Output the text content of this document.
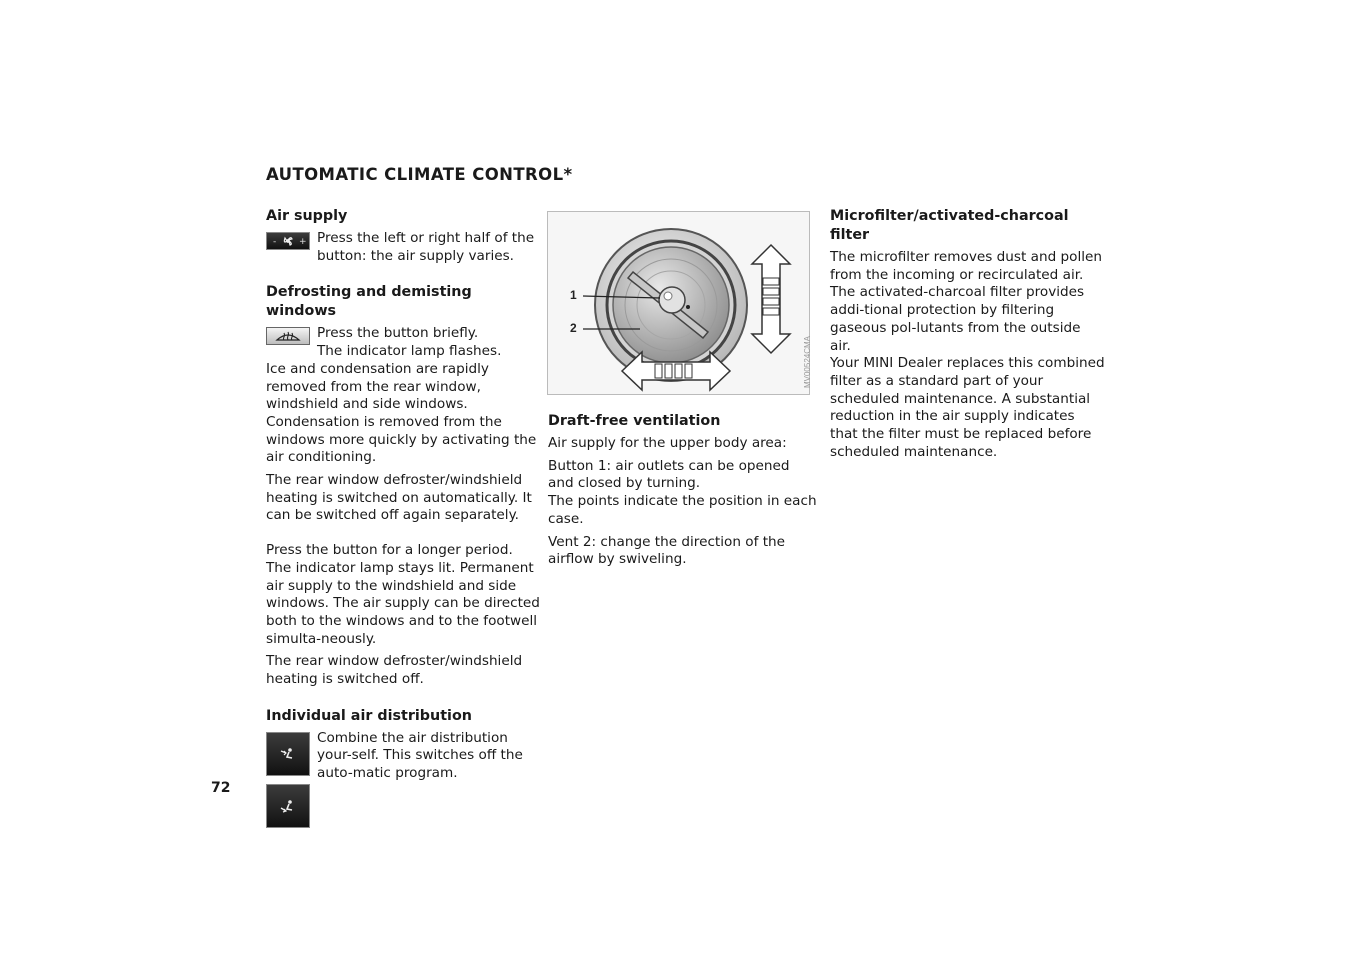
AUTOMATIC CLIMATE CONTROL*
Air supply
-	+ Press the left or right half of the

button: the air supply varies.

Defrosting and demisting windows

Press the button briefly.

The indicator lamp flashes.

Ice and condensation are rapidly removed from the rear window, windshield and side windows. Condensation is removed from the windows more quickly by activating the air conditioning.

The rear window defroster/windshield heating is switched on automatically. It can be switched off again separately.

Press the button for a longer period.

The indicator lamp stays lit. Permanent air supply to the windshield and side windows. The air supply can be directed both to the windows and to the footwell simulta-neously.

The rear window defroster/windshield heating is switched off.

Individual air distribution

Combine the air distribution your-self. This switches off the auto-matic program.

1
2
MV00524CMA
Draft-free ventilation

Air supply for the upper body area:

Button 1: air outlets can be opened and closed by turning.

The points indicate the position in each case.

Vent 2: change the direction of the airflow by swiveling.

Microfilter/activated-charcoal filter

The microfilter removes dust and pollen from the incoming or recirculated air. The activated-charcoal filter provides addi-tional protection by filtering gaseous pol-lutants from the outside air.

Your MINI Dealer replaces this combined filter as a standard part of your scheduled maintenance. A substantial reduction in the air supply indicates that the filter must be replaced before scheduled maintenance.

72
